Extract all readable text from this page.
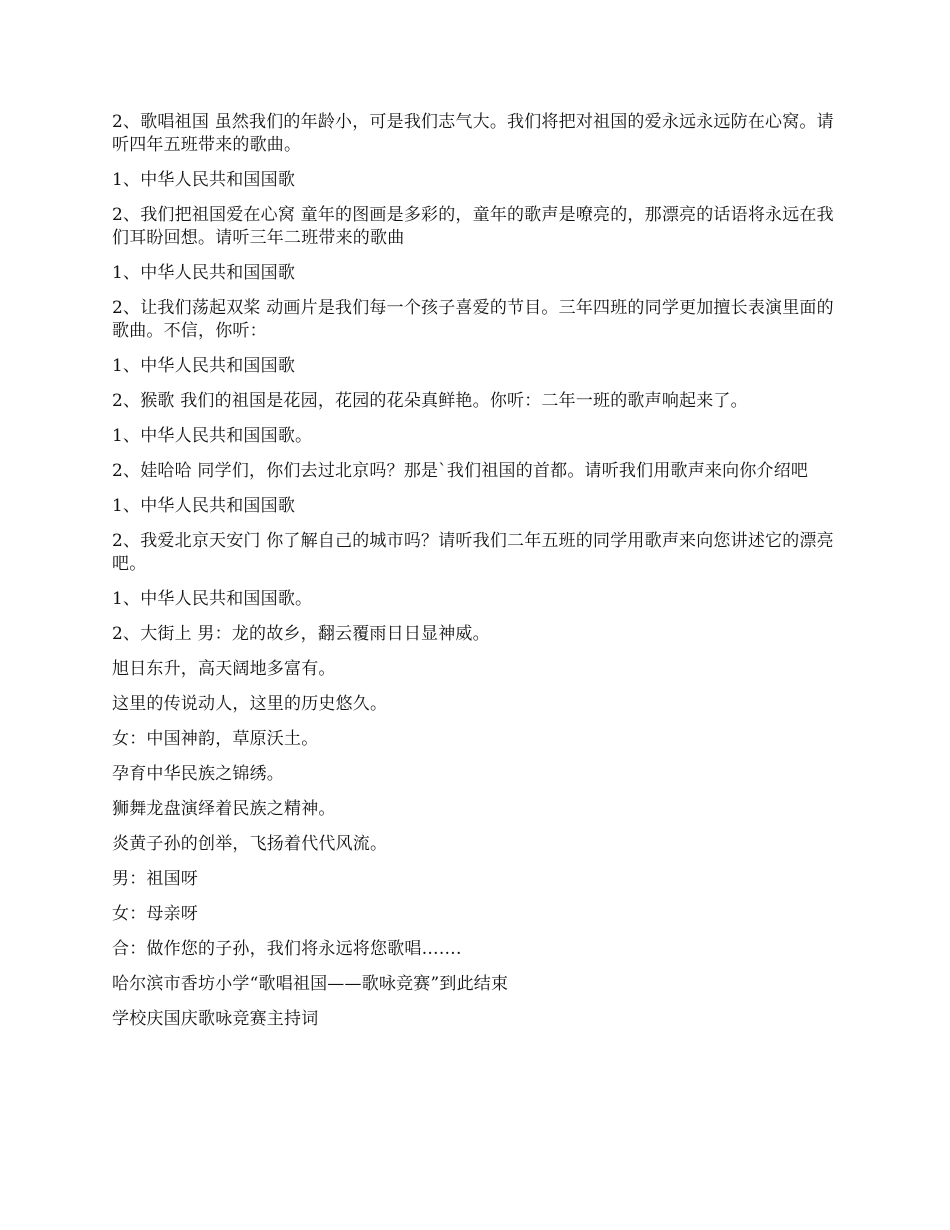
2、歌唱祖国 虽然我们的年龄小，可是我们志气大。我们将把对祖国的爱永远永远防在心窝。请听四年五班带来的歌曲。

1、中华人民共和国国歌

2、我们把祖国爱在心窝 童年的图画是多彩的，童年的歌声是嘹亮的，那漂亮的话语将永远在我们耳盼回想。请听三年二班带来的歌曲

1、中华人民共和国国歌

2、让我们荡起双桨 动画片是我们每一个孩子喜爱的节目。三年四班的同学更加擅长表演里面的歌曲。不信，你听：

1、中华人民共和国国歌

2、猴歌 我们的祖国是花园，花园的花朵真鲜艳。你听：二年一班的歌声响起来了。

1、中华人民共和国国歌。

2、娃哈哈 同学们，你们去过北京吗？那是`我们祖国的首都。请听我们用歌声来向你介绍吧

1、中华人民共和国国歌

2、我爱北京天安门 你了解自己的城市吗？请听我们二年五班的同学用歌声来向您讲述它的漂亮吧。

1、中华人民共和国国歌。

2、大街上 男：龙的故乡，翻云覆雨日日显神威。

旭日东升，高天阔地多富有。

这里的传说动人，这里的历史悠久。

女：中国神韵，草原沃土。

孕育中华民族之锦绣。

狮舞龙盘演绎着民族之精神。

炎黄子孙的创举，飞扬着代代风流。

男：祖国呀

女：母亲呀

合：做作您的子孙，我们将永远将您歌唱…….

哈尔滨市香坊小学“歌唱祖国——歌咏竞赛”到此结束

学校庆国庆歌咏竞赛主持词
